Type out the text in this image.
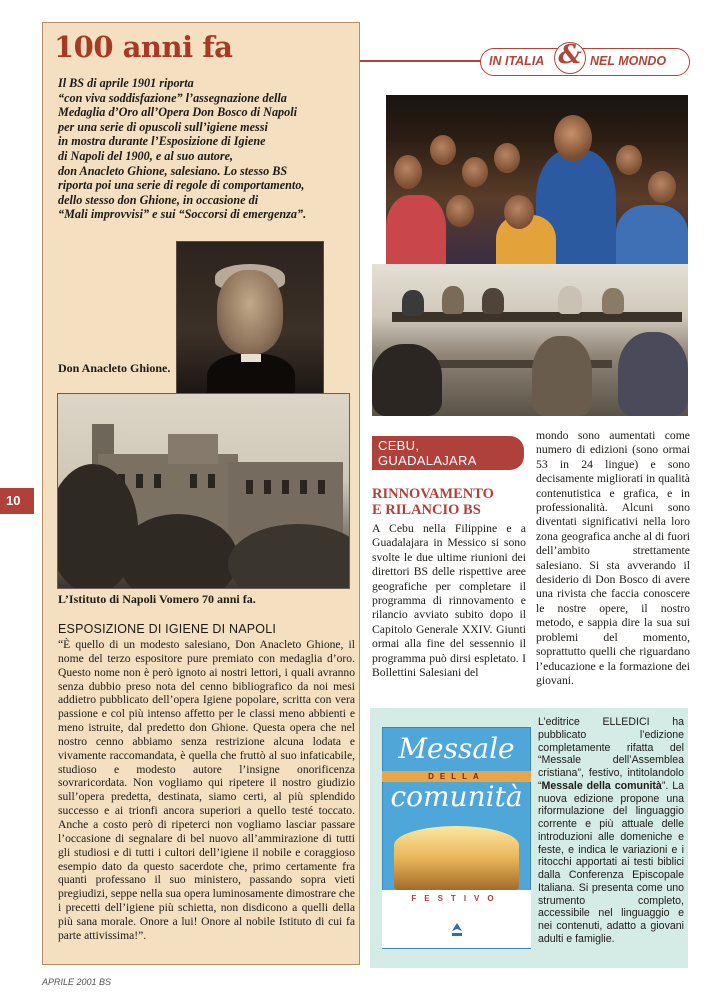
100 anni fa

Il BS di aprile 1901 riporta

“con viva soddisfazione” l’assegnazione della

Medaglia d’Oro all’Opera Don Bosco di Napoli

per una serie di opuscoli sull’igiene messi

in mostra durante l’Esposizione di Igiene

di Napoli del 1900, e al suo autore,

don Anacleto Ghione, salesiano. Lo stesso BS

riporta poi una serie di regole di comportamento,

dello stesso don Ghione, in occasione di

“Mali improvvisi” e sui “Soccorsi di emergenza”.

Don Anacleto Ghione.
L’Istituto di Napoli Vomero 70 anni fa.
ESPOSIZIONE DI IGIENE DI NAPOLI

“È quello di un modesto salesiano, Don Anacleto Ghione, il nome del terzo espositore pure premiato con medaglia d’oro. Questo nome non è però ignoto ai nostri lettori, i quali avranno senza dubbio preso nota del cenno bibliografico da noi mesi addietro pubblicato dell’opera Igiene popolare, scritta con vera passione e col più intenso affetto per le classi meno abbienti e meno istruite, dal predetto don Ghione. Questa opera che nel nostro cenno abbiamo senza restrizione alcuna lodata e vivamente raccomandata, è quella che fruttò al suo infaticabile, studioso e modesto autore l’insigne onorificenza sovraricordata. Non vogliamo qui ripetere il nostro giudizio sull’opera predetta, destinata, siamo certi, al più splendido successo e ai trionfi ancora superiori a quello testé toccato. Anche a costo però di ripeterci non vogliamo lasciar passare l’occasione di segnalare di bel nuovo all’ammirazione di tutti gli studiosi e di tutti i cultori dell’igiene il nobile e coraggioso esempio dato da questo sacerdote che, primo certamente fra quanti professano il suo ministero, passando sopra vieti pregiudizi, seppe nella sua opera luminosamente dimostrare che i precetti dell’igiene più schietta, non disdicono a quelli della più sana morale. Onore a lui! Onore al nobile Istituto di cui fa parte attivissima!”.

IN ITALIA & NEL MONDO
CEBU,
GUADALAJARA
RINNOVAMENTO
E RILANCIO BS

A Cebu nella Filippine e a Guadalajara in Messico si sono svolte le due ultime riunioni dei direttori BS delle rispettive aree geografiche per completare il programma di rinnovamento e rilancio avviato subito dopo il Capitolo Generale XXIV. Giunti ormai alla fine del sessennio il programma può dirsi espletato. I Bollettini Salesiani del

mondo sono aumentati come numero di edizioni (sono ormai 53 in 24 lingue) e sono decisamente migliorati in qualità contenutistica e grafica, e in professionalità. Alcuni sono diventati significativi nella loro zona geografica anche al di fuori dell’ambito strettamente salesiano. Si sta avverando il desiderio di Don Bosco di avere una rivista che faccia conoscere le nostre opere, il nostro metodo, e sappia dire la sua sui problemi del momento, soprattutto quelli che riguardano l’educazione e la formazione dei giovani.

Messale
DELLA
comunità
FESTIVO

L’editrice ELLEDICI ha pubblicato l’edizione completamente rifatta del “Messale dell’Assemblea cristiana”, festivo, intitolandolo “Messale della comunità”. La nuova edizione propone una riformulazione del linguaggio corrente e più attuale delle introduzioni alle domeniche e feste, e indica le variazioni e i ritocchi apportati ai testi biblici dalla Conferenza Episcopale Italiana. Si presenta come uno strumento completo, accessibile nel linguaggio e nei contenuti, adatto a giovani adulti e famiglie.

10
APRILE 2001 BS
